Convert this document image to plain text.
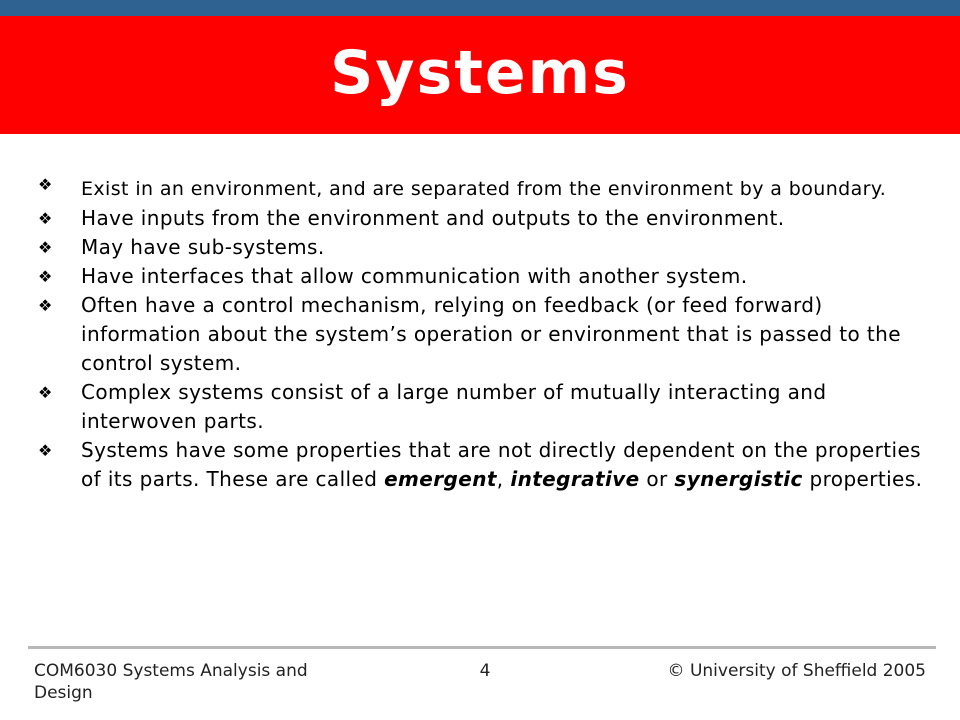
Systems
❖ Exist in an environment, and are separated from the environment by a boundary.
❖ Have inputs from the environment and outputs to the environment.
❖ May have sub-systems.
❖ Have interfaces that allow communication with another system.
❖ Often have a control mechanism, relying on feedback (or feed forward) information about the system’s operation or environment that is passed to the control system.
❖ Complex systems consist of a large number of mutually interacting and interwoven parts.
❖ Systems have some properties that are not directly dependent on the properties of its parts. These are called emergent, integrative or synergistic properties.
COM6030 Systems Analysis and Design
4	© University of Sheffield 2005
